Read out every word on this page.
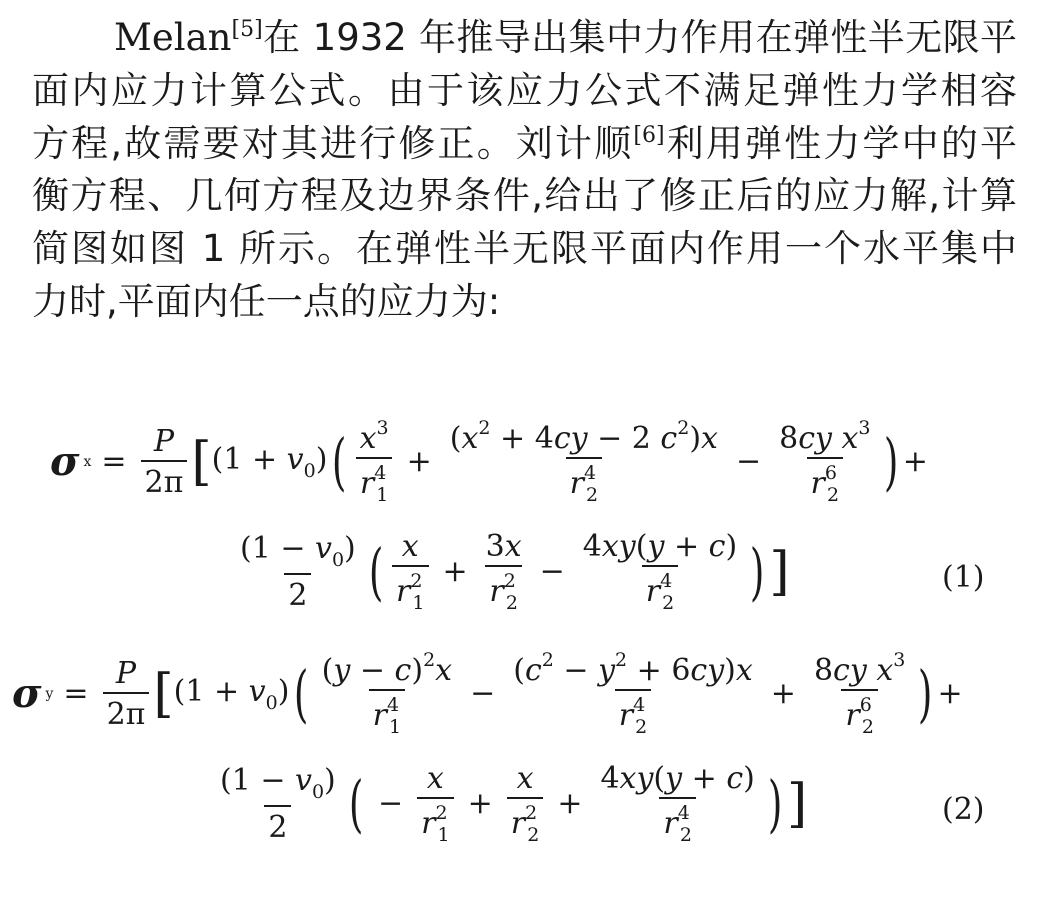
Melan[5]在 1932 年推导出集中力作用在弹性半无限平
面内应力计算公式。由于该应力公式不满足弹性力学相容
方程,故需要对其进行修正。刘计顺[6]利用弹性力学中的平
衡方程、几何方程及边界条件,给出了修正后的应力解,计算
简图如图 1 所示。在弹性半无限平面内作用一个水平集中
力时,平面内任一点的应力为:
σ $x = \frac{P}{2\pi}$ [ $(1 + v_0)$ ( $\frac{x^3}{r^4_1} + \frac{(x^2 + 4cy - 2 c^2)x}{r^4_2} - \frac{8cy x^3}{r^6_2}$ ) +
$\frac{(1 - v_0)}{2}$ ( $\frac{x}{r^2_1} + \frac{3x}{r^2_2} - \frac{4xy(y + c)}{r^4_2}$ ) ]	(1)
σ $y = \frac{P}{2\pi}$ [ $(1 + v_0)$ ( $\frac{(y - c)^2x}{r^4_1} - \frac{(c^2 - y^2 + 6cy)x}{r^4_2} + \frac{8cy x^3}{r^6_2}$ ) +
$\frac{(1 - v_0)}{2}$ ( − $\frac{x}{r^2_1} + \frac{x}{r^2_2} + \frac{4xy(y + c)}{r^4_2}$ ) ]	(2)
